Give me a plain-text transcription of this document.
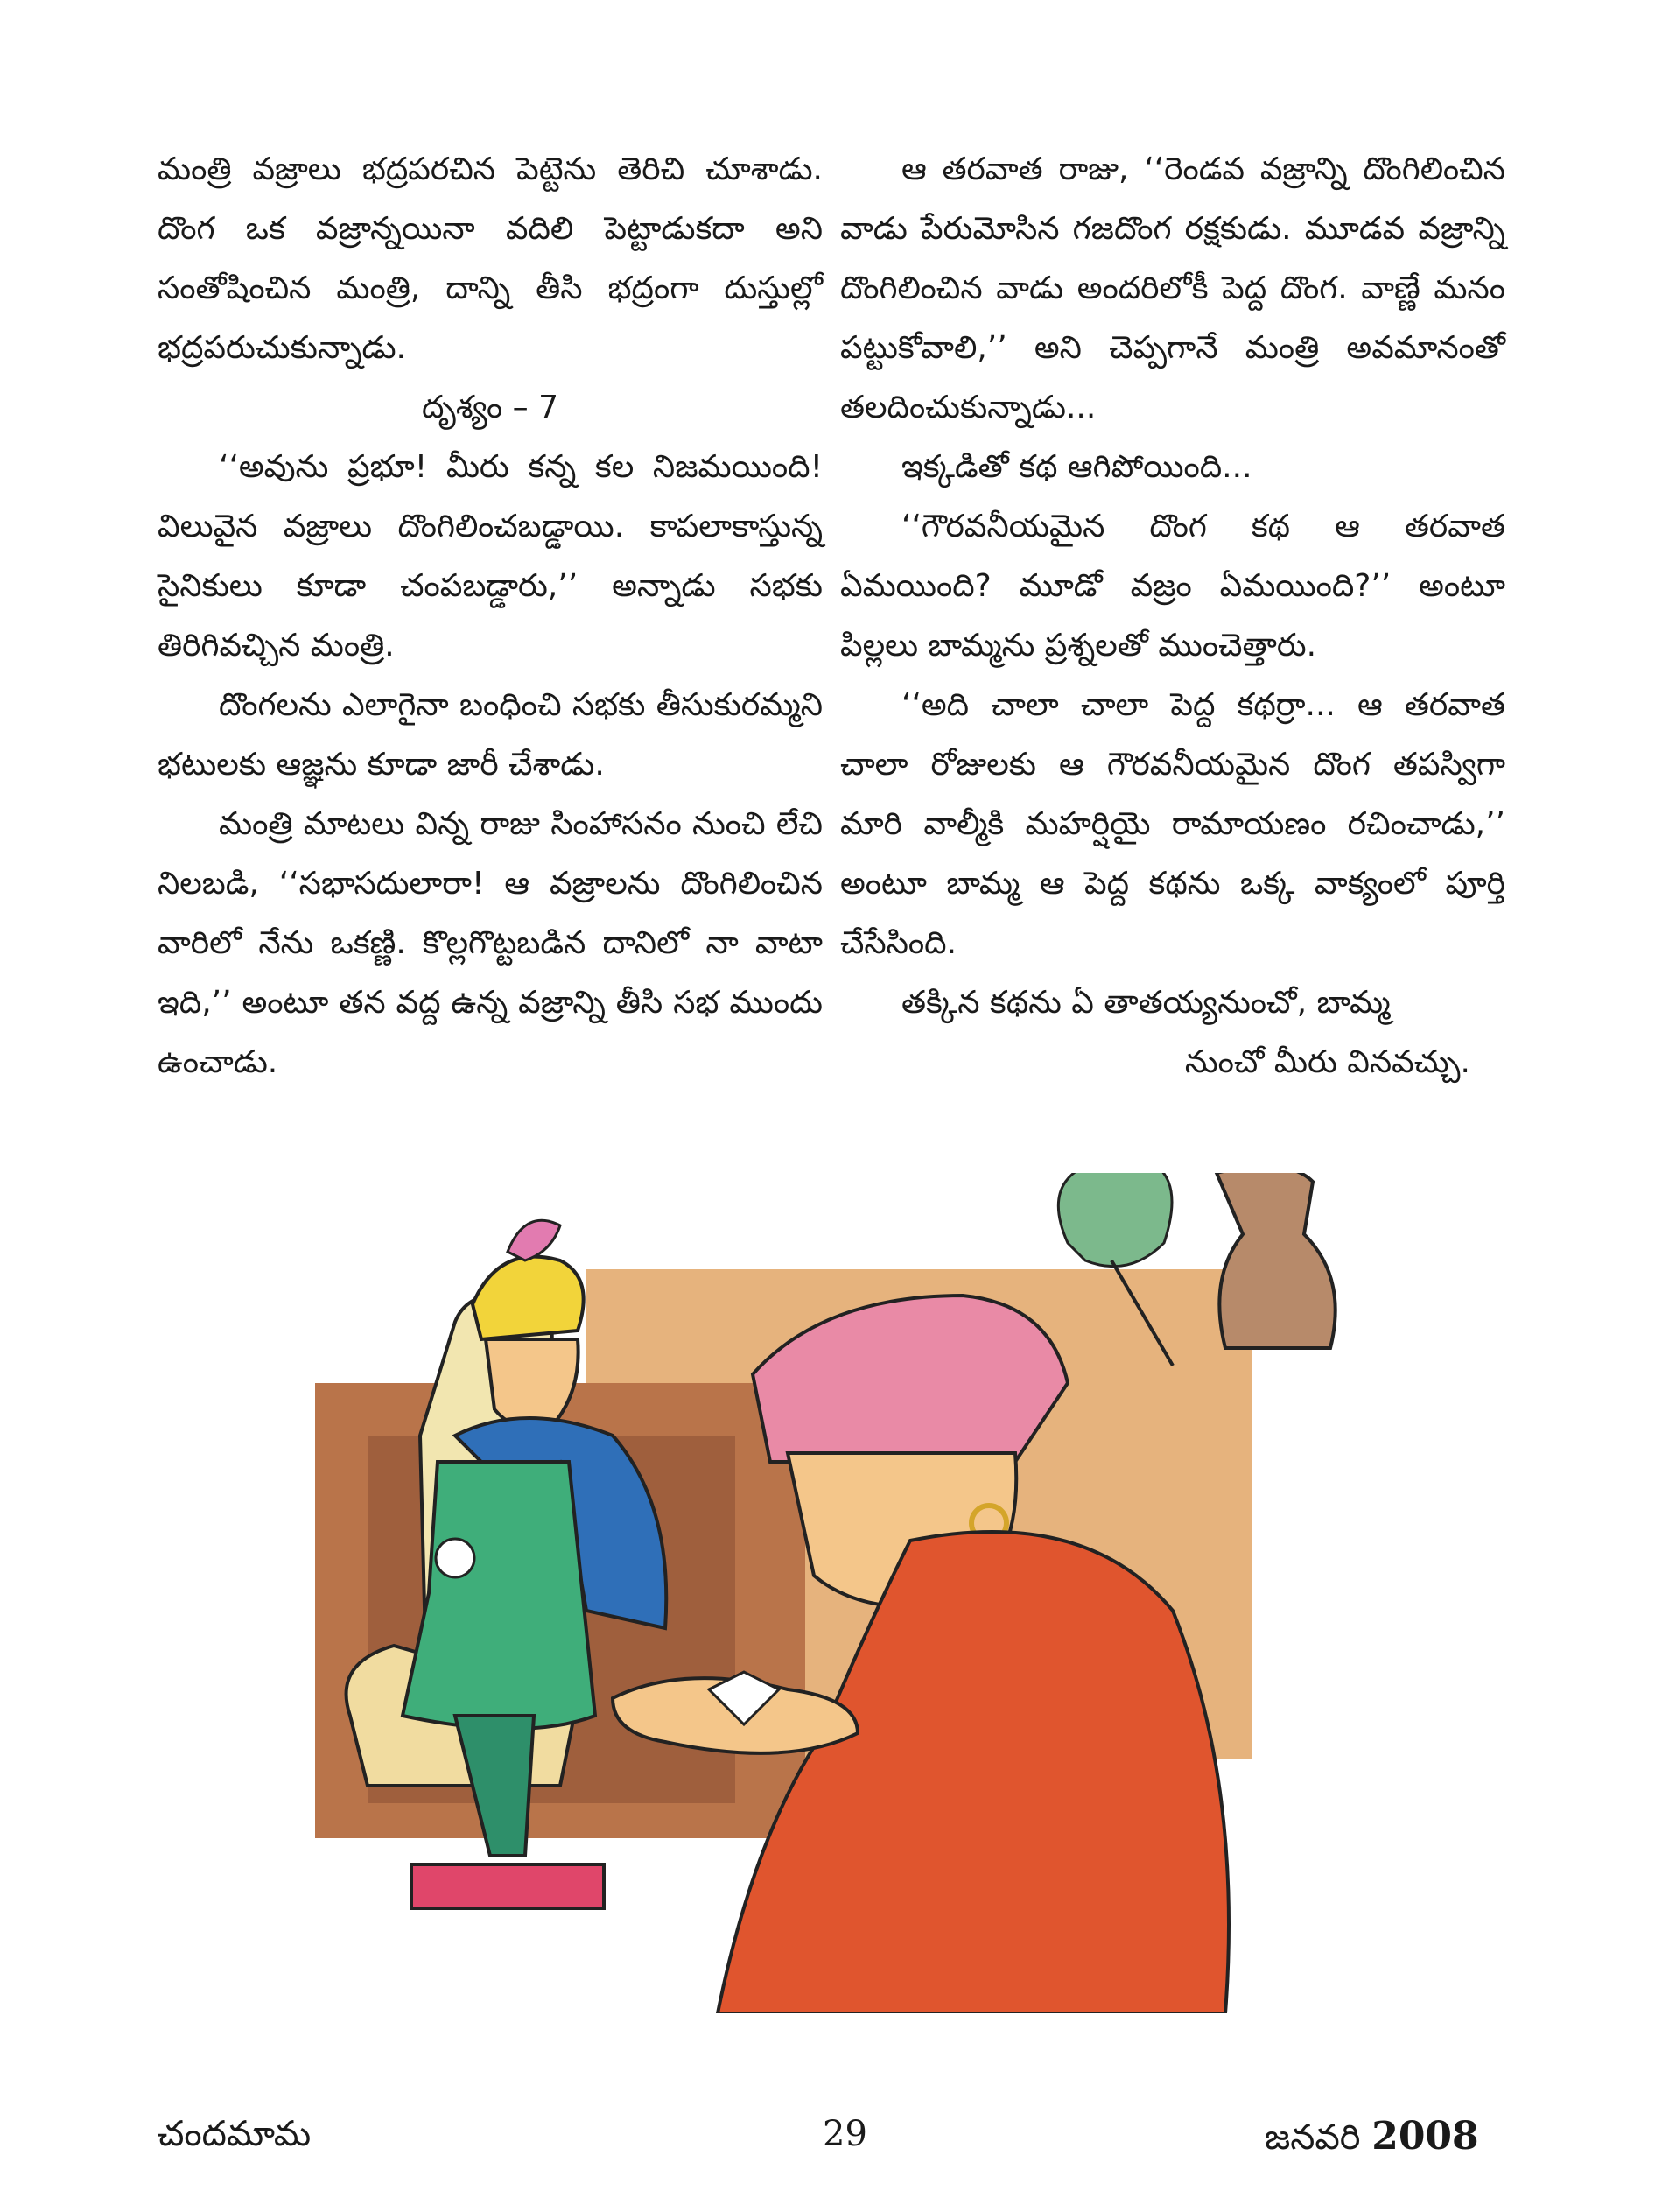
మంత్రి వజ్రాలు భద్రపరచిన పెట్టెను తెరిచి చూశాడు. దొంగ ఒక వజ్రాన్నయినా వదిలి పెట్టాడుకదా అని సంతోషించిన మంత్రి, దాన్ని తీసి భద్రంగా దుస్తుల్లో భద్రపరుచుకున్నాడు.

దృశ్యం – 7

‘‘అవును ప్రభూ! మీరు కన్న కల నిజమయింది! విలువైన వజ్రాలు దొంగిలించబడ్డాయి. కాపలాకాస్తున్న సైనికులు కూడా చంపబడ్డారు,’’ అన్నాడు సభకు తిరిగివచ్చిన మంత్రి.

దొంగలను ఎలాగైనా బంధించి సభకు తీసుకురమ్మని భటులకు ఆజ్ఞను కూడా జారీ చేశాడు.

మంత్రి మాటలు విన్న రాజు సింహాసనం నుంచి లేచి నిలబడి, ‘‘సభాసదులారా! ఆ వజ్రాలను దొంగిలించిన వారిలో నేను ఒకణ్ణి. కొల్లగొట్టబడిన దానిలో నా వాటా ఇది,’’ అంటూ తన వద్ద ఉన్న వజ్రాన్ని తీసి సభ ముందు ఉంచాడు.

ఆ తరవాత రాజు, ‘‘రెండవ వజ్రాన్ని దొంగిలించిన వాడు పేరుమోసిన గజదొంగ రక్షకుడు. మూడవ వజ్రాన్ని దొంగిలించిన వాడు అందరిలోకీ పెద్ద దొంగ. వాణ్ణే మనం పట్టుకోవాలి,’’ అని చెప్పగానే మంత్రి అవమానంతో తలదించుకున్నాడు...

ఇక్కడితో కథ ఆగిపోయింది...

‘‘గౌరవనీయమైన దొంగ కథ ఆ తరవాత ఏమయింది? మూడో వజ్రం ఏమయింది?’’ అంటూ పిల్లలు బామ్మను ప్రశ్నలతో ముంచెత్తారు.

‘‘అది చాలా చాలా పెద్ద కథర్రా... ఆ తరవాత చాలా రోజులకు ఆ గౌరవనీయమైన దొంగ తపస్విగా మారి వాల్మీకి మహర్షియై రామాయణం రచించాడు,’’ అంటూ బామ్మ ఆ పెద్ద కథను ఒక్క వాక్యంలో పూర్తి చేసేసింది.

తక్కిన కథను ఏ తాతయ్యనుంచో, బామ్మ

నుంచో మీరు వినవచ్చు.

చందమామ	29	జనవరి 2008
